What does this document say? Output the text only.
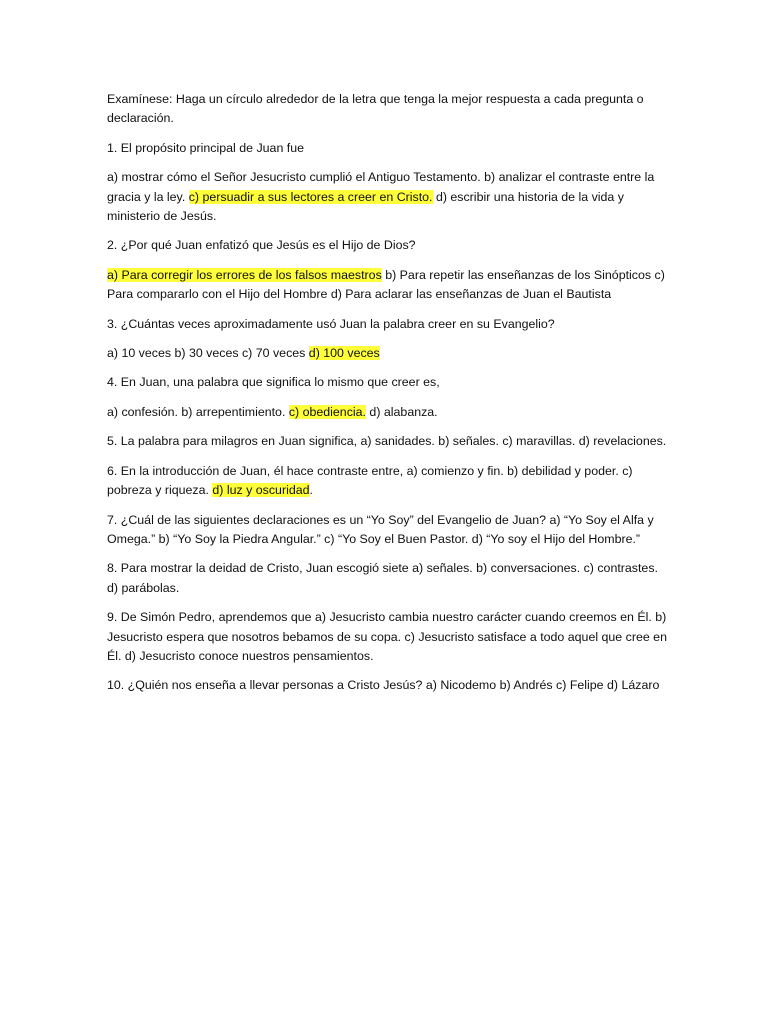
Examínese: Haga un círculo alrededor de la letra que tenga la mejor respuesta a cada pregunta o declaración.

1. El propósito principal de Juan fue

a) mostrar cómo el Señor Jesucristo cumplió el Antiguo Testamento. b) analizar el contraste entre la gracia y la ley. c) persuadir a sus lectores a creer en Cristo. d) escribir una historia de la vida y ministerio de Jesús.

2. ¿Por qué Juan enfatizó que Jesús es el Hijo de Dios?

a) Para corregir los errores de los falsos maestros b) Para repetir las enseñanzas de los Sinópticos c) Para compararlo con el Hijo del Hombre d) Para aclarar las enseñanzas de Juan el Bautista

3. ¿Cuántas veces aproximadamente usó Juan la palabra creer en su Evangelio?

a) 10 veces b) 30 veces c) 70 veces d) 100 veces

4. En Juan, una palabra que significa lo mismo que creer es,

a) confesión. b) arrepentimiento. c) obediencia. d) alabanza.

5. La palabra para milagros en Juan significa, a) sanidades. b) señales. c) maravillas. d) revelaciones.

6. En la introducción de Juan, él hace contraste entre, a) comienzo y fin. b) debilidad y poder. c) pobreza y riqueza. d) luz y oscuridad.

7. ¿Cuál de las siguientes declaraciones es un “Yo Soy” del Evangelio de Juan? a) “Yo Soy el Alfa y Omega.” b) “Yo Soy la Piedra Angular.” c) “Yo Soy el Buen Pastor. d) “Yo soy el Hijo del Hombre.”

8. Para mostrar la deidad de Cristo, Juan escogió siete a) señales. b) conversaciones. c) contrastes. d) parábolas.

9. De Simón Pedro, aprendemos que a) Jesucristo cambia nuestro carácter cuando creemos en Él. b) Jesucristo espera que nosotros bebamos de su copa. c) Jesucristo satisface a todo aquel que cree en Él. d) Jesucristo conoce nuestros pensamientos.

10. ¿Quién nos enseña a llevar personas a Cristo Jesús? a) Nicodemo b) Andrés c) Felipe d) Lázaro
